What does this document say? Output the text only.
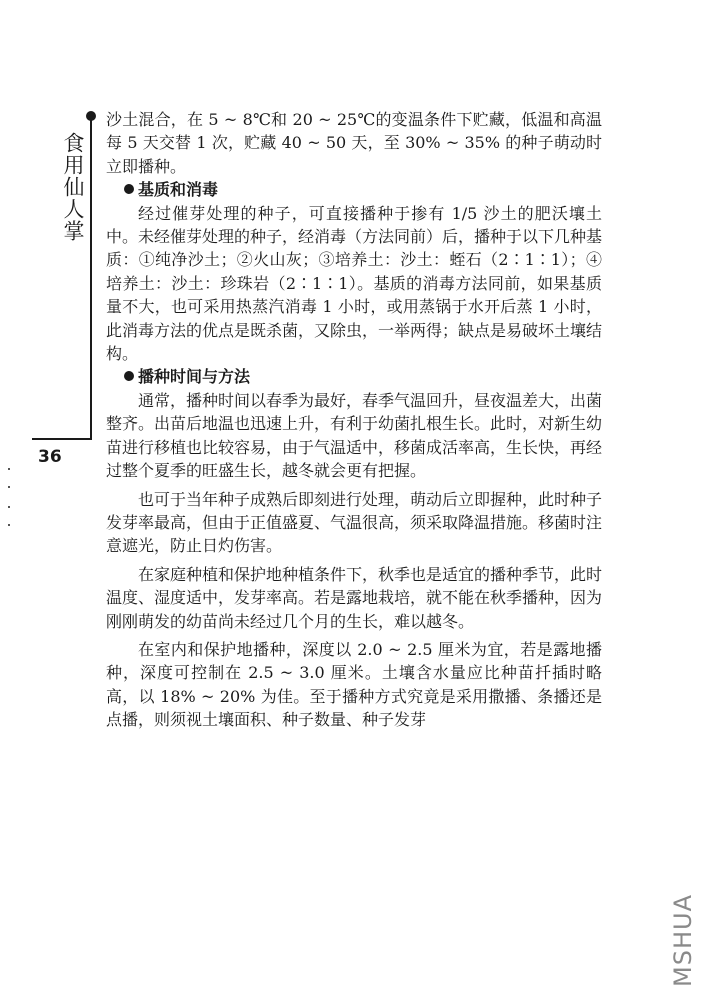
食用仙人掌
36

沙土混合，在 5 ~ 8℃和 20 ~ 25℃的变温条件下贮藏，低温和高温每 5 天交替 1 次，贮藏 40 ~ 50 天，至 30% ~ 35% 的种子萌动时立即播种。

基质和消毒

经过催芽处理的种子，可直接播种于掺有 1/5 沙土的肥沃壤土中。未经催芽处理的种子，经消毒（方法同前）后，播种于以下几种基质：①纯净沙土；②火山灰；③培养土：沙土：蛭石（2∶1∶1）；④培养土：沙土：珍珠岩（2∶1∶1）。基质的消毒方法同前，如果基质量不大，也可采用热蒸汽消毒 1 小时，或用蒸锅于水开后蒸 1 小时，此消毒方法的优点是既杀菌，又除虫，一举两得；缺点是易破坏土壤结构。

播种时间与方法

通常，播种时间以春季为最好，春季气温回升，昼夜温差大，出菌整齐。出苗后地温也迅速上升，有利于幼菌扎根生长。此时，对新生幼苗进行移植也比较容易，由于气温适中，移菌成活率高，生长快，再经过整个夏季的旺盛生长，越冬就会更有把握。

也可于当年种子成熟后即刻进行处理，萌动后立即握种，此时种子发芽率最高，但由于正值盛夏、气温很高，须采取降温措施。移菌时注意遮光，防止日灼伤害。

在家庭种植和保护地种植条件下，秋季也是适宜的播种季节，此时温度、湿度适中，发芽率高。若是露地栽培，就不能在秋季播种，因为刚刚萌发的幼苗尚未经过几个月的生长，难以越冬。

在室内和保护地播种，深度以 2.0 ~ 2.5 厘米为宜，若是露地播种，深度可控制在 2.5 ~ 3.0 厘米。土壤含水量应比种苗扦插时略高，以 18% ~ 20% 为佳。至于播种方式究竟是采用撒播、条播还是点播，则须视土壤面积、种子数量、种子发芽

MSHUA
